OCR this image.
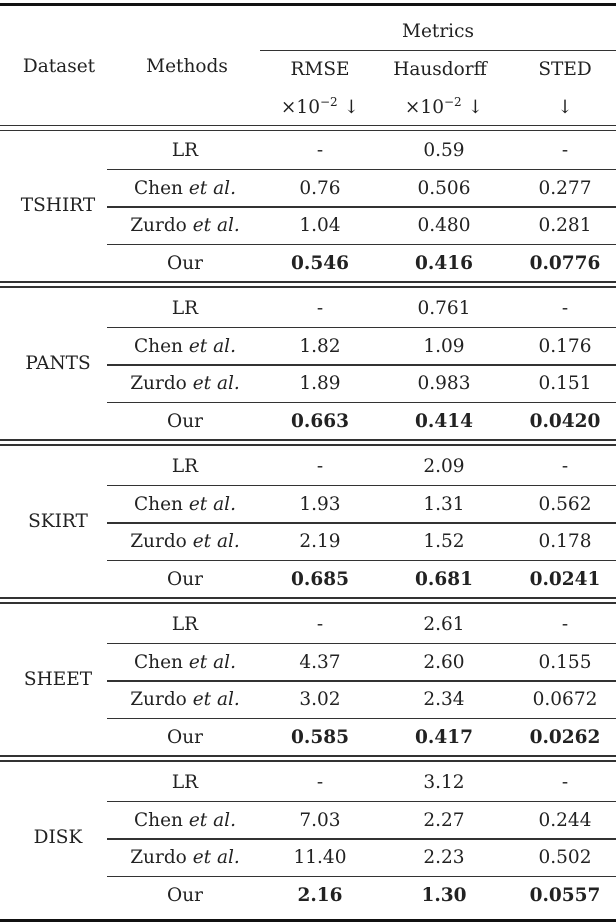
Dataset	Methods
Metrics
RMSE	Hausdorff	STED
$\times 10^{-2}$ ↓	$\times 10^{-2}$ ↓	↓
TSHIRT
LR	-	0.59	-
Chen et al.	0.76	0.506	0.277
Zurdo et al.	1.04	0.480	0.281
Our	0.546	0.416	0.0776
PANTS
LR	-	0.761	-
Chen et al.	1.82	1.09	0.176
Zurdo et al.	1.89	0.983	0.151
Our	0.663	0.414	0.0420
SKIRT
LR	-	2.09	-
Chen et al.	1.93	1.31	0.562
Zurdo et al.	2.19	1.52	0.178
Our	0.685	0.681	0.0241
SHEET
LR	-	2.61	-
Chen et al.	4.37	2.60	0.155
Zurdo et al.	3.02	2.34	0.0672
Our	0.585	0.417	0.0262
DISK
LR	-	3.12	-
Chen et al.	7.03	2.27	0.244
Zurdo et al.	11.40	2.23	0.502
Our	2.16	1.30	0.0557
